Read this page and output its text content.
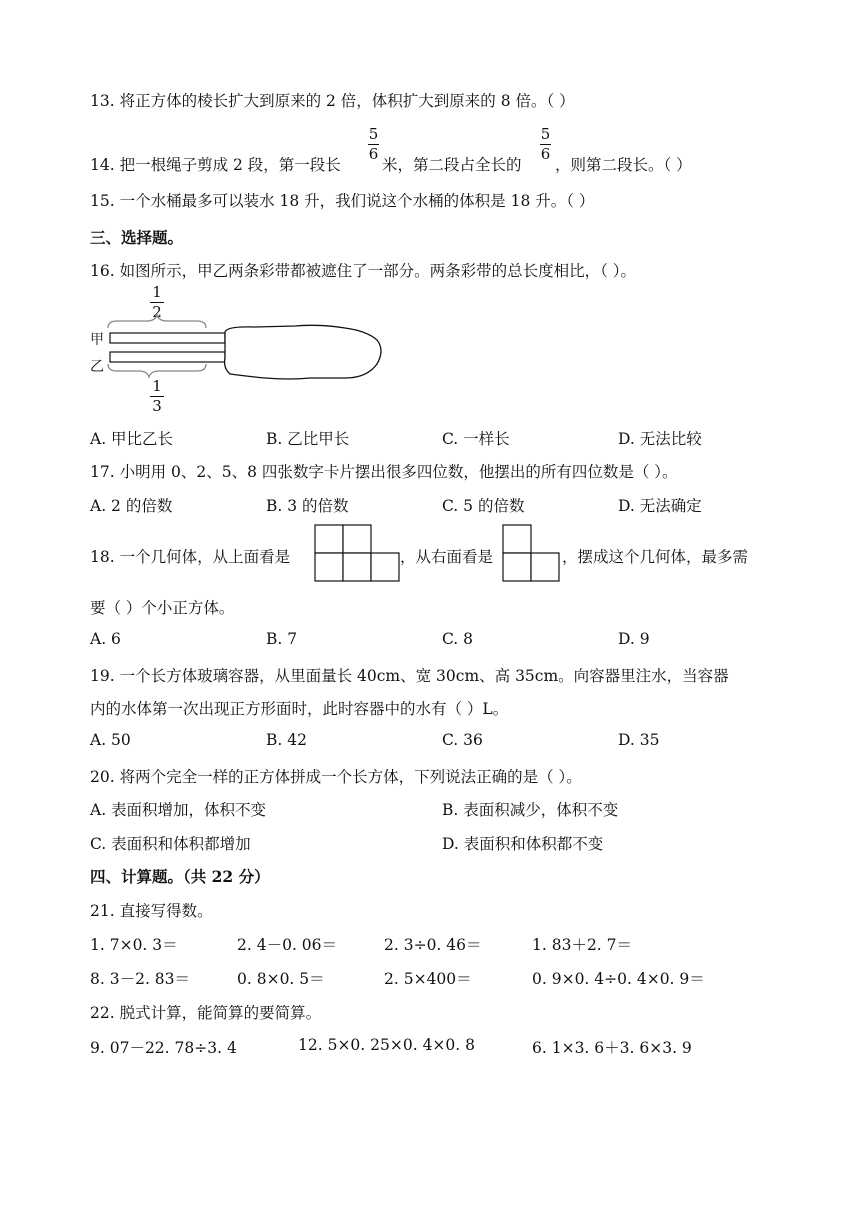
13. 将正方体的棱长扩大到原来的 2 倍，体积扩大到原来的 8 倍。（ ）
14. 把一根绳子剪成 2 段，第一段长
5
6
米，第二段占全长的
5
6
，则第二段长。（ ）
15. 一个水桶最多可以装水 18 升，我们说这个水桶的体积是 18 升。（ ）
三、选择题。
16. 如图所示，甲乙两条彩带都被遮住了一部分。两条彩带的总长度相比，（ ）。
1
2
甲
乙
1
3
A. 甲比乙长	B. 乙比甲长	C. 一样长	D. 无法比较
17. 小明用 0、2、5、8 四张数字卡片摆出很多四位数，他摆出的所有四位数是（ ）。
A. 2 的倍数	B. 3 的倍数	C. 5 的倍数	D. 无法确定
18. 一个几何体，从上面看是	，从右面看是	，摆成这个几何体，最多需
要（ ）个小正方体。
A. 6	B. 7	C. 8	D. 9
19. 一个长方体玻璃容器，从里面量长 40cm、宽 30cm、高 35cm。向容器里注水，当容器
内的水体第一次出现正方形面时，此时容器中的水有（ ）L。
A. 50	B. 42	C. 36	D. 35
20. 将两个完全一样的正方体拼成一个长方体，下列说法正确的是（ ）。
A. 表面积增加，体积不变	B. 表面积减少，体积不变
C. 表面积和体积都增加	D. 表面积和体积都不变
四、计算题。（共 22 分）
21. 直接写得数。
1. 7×0. 3＝	2. 4－0. 06＝	2. 3÷0. 46＝	1. 83＋2. 7＝
8. 3－2. 83＝	0. 8×0. 5＝	2. 5×400＝	0. 9×0. 4÷0. 4×0. 9＝
22. 脱式计算，能简算的要简算。
9. 07－22. 78÷3. 4	12. 5×0. 25×0. 4×0. 8	6. 1×3. 6＋3. 6×3. 9
